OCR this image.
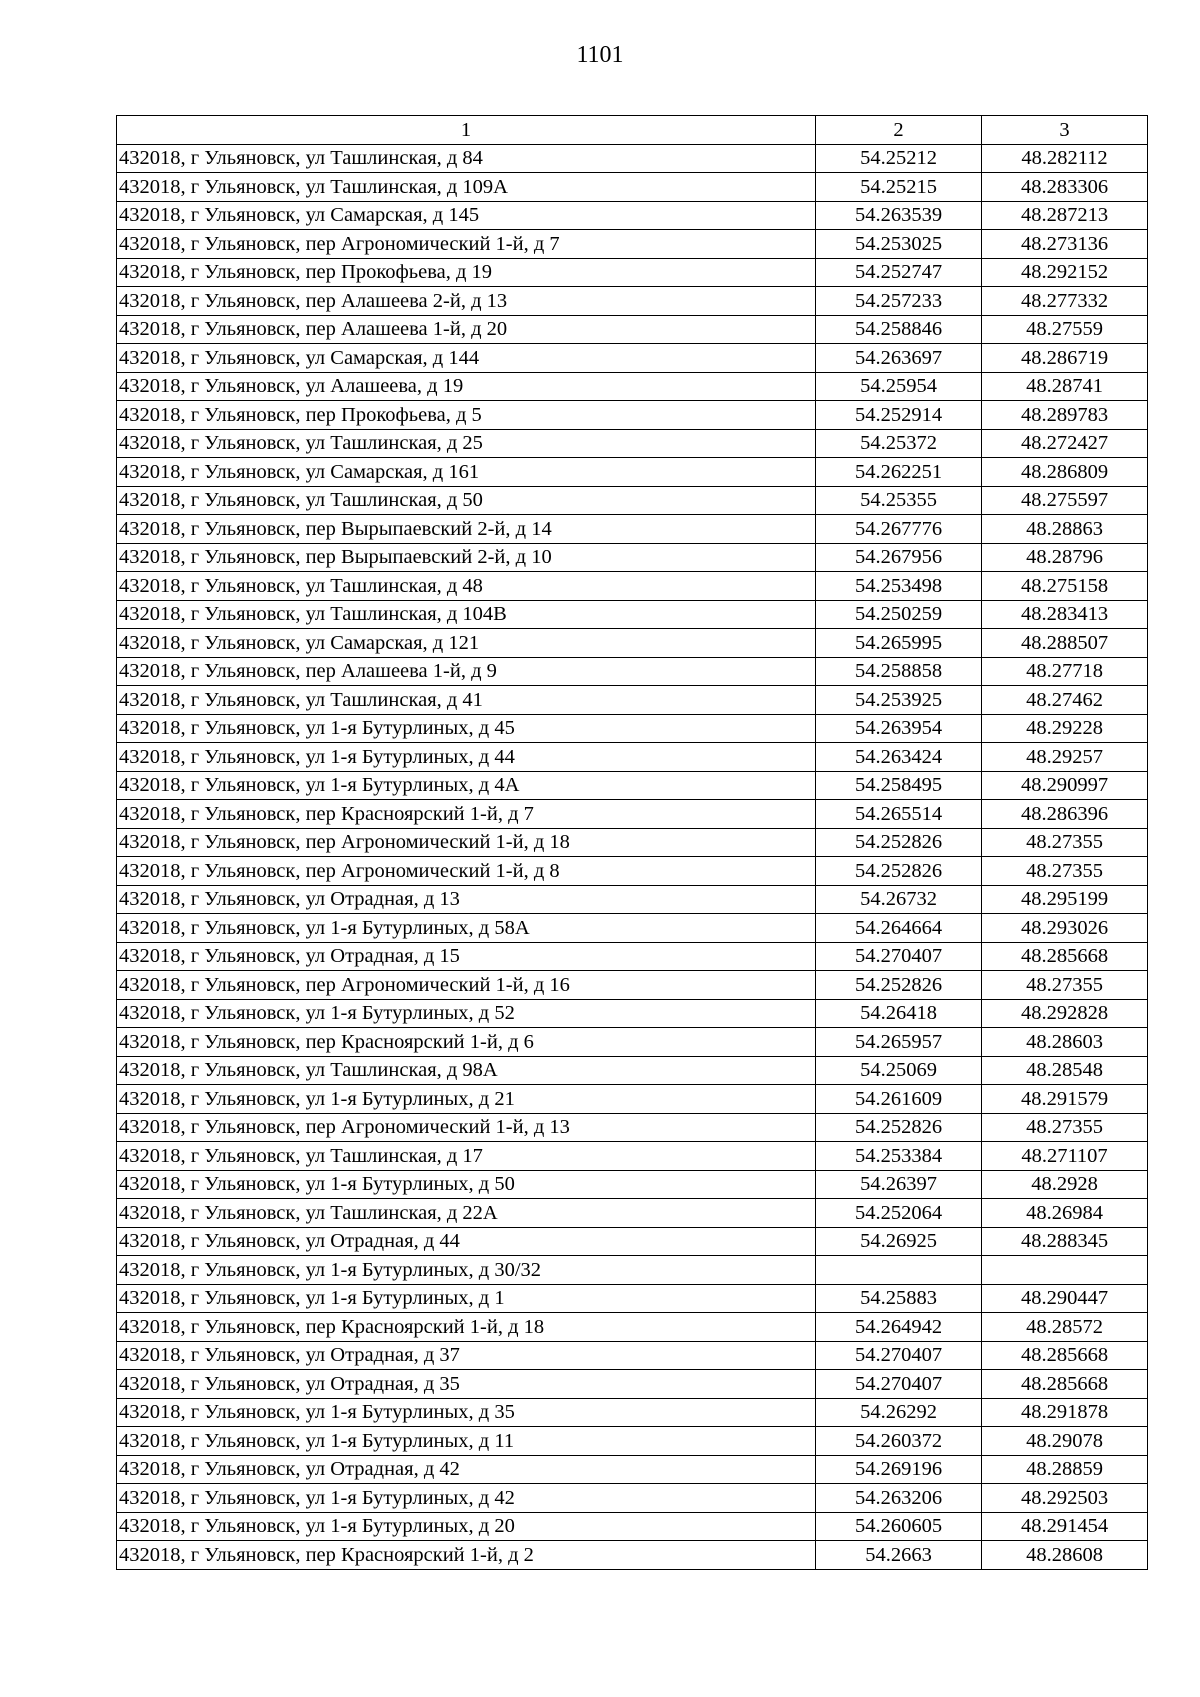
1101
1	2	3
432018, г Ульяновск, ул Ташлинская, д 84	54.25212	48.282112
432018, г Ульяновск, ул Ташлинская, д 109А	54.25215	48.283306
432018, г Ульяновск, ул Самарская, д 145	54.263539	48.287213
432018, г Ульяновск, пер Агрономический 1-й, д 7	54.253025	48.273136
432018, г Ульяновск, пер Прокофьева, д 19	54.252747	48.292152
432018, г Ульяновск, пер Алашеева 2-й, д 13	54.257233	48.277332
432018, г Ульяновск, пер Алашеева 1-й, д 20	54.258846	48.27559
432018, г Ульяновск, ул Самарская, д 144	54.263697	48.286719
432018, г Ульяновск, ул Алашеева, д 19	54.25954	48.28741
432018, г Ульяновск, пер Прокофьева, д 5	54.252914	48.289783
432018, г Ульяновск, ул Ташлинская, д 25	54.25372	48.272427
432018, г Ульяновск, ул Самарская, д 161	54.262251	48.286809
432018, г Ульяновск, ул Ташлинская, д 50	54.25355	48.275597
432018, г Ульяновск, пер Вырыпаевский 2-й, д 14	54.267776	48.28863
432018, г Ульяновск, пер Вырыпаевский 2-й, д 10	54.267956	48.28796
432018, г Ульяновск, ул Ташлинская, д 48	54.253498	48.275158
432018, г Ульяновск, ул Ташлинская, д 104В	54.250259	48.283413
432018, г Ульяновск, ул Самарская, д 121	54.265995	48.288507
432018, г Ульяновск, пер Алашеева 1-й, д 9	54.258858	48.27718
432018, г Ульяновск, ул Ташлинская, д 41	54.253925	48.27462
432018, г Ульяновск, ул 1-я Бутурлиных, д 45	54.263954	48.29228
432018, г Ульяновск, ул 1-я Бутурлиных, д 44	54.263424	48.29257
432018, г Ульяновск, ул 1-я Бутурлиных, д 4А	54.258495	48.290997
432018, г Ульяновск, пер Красноярский 1-й, д 7	54.265514	48.286396
432018, г Ульяновск, пер Агрономический 1-й, д 18	54.252826	48.27355
432018, г Ульяновск, пер Агрономический 1-й, д 8	54.252826	48.27355
432018, г Ульяновск, ул Отрадная, д 13	54.26732	48.295199
432018, г Ульяновск, ул 1-я Бутурлиных, д 58А	54.264664	48.293026
432018, г Ульяновск, ул Отрадная, д 15	54.270407	48.285668
432018, г Ульяновск, пер Агрономический 1-й, д 16	54.252826	48.27355
432018, г Ульяновск, ул 1-я Бутурлиных, д 52	54.26418	48.292828
432018, г Ульяновск, пер Красноярский 1-й, д 6	54.265957	48.28603
432018, г Ульяновск, ул Ташлинская, д 98А	54.25069	48.28548
432018, г Ульяновск, ул 1-я Бутурлиных, д 21	54.261609	48.291579
432018, г Ульяновск, пер Агрономический 1-й, д 13	54.252826	48.27355
432018, г Ульяновск, ул Ташлинская, д 17	54.253384	48.271107
432018, г Ульяновск, ул 1-я Бутурлиных, д 50	54.26397	48.2928
432018, г Ульяновск, ул Ташлинская, д 22А	54.252064	48.26984
432018, г Ульяновск, ул Отрадная, д 44	54.26925	48.288345
432018, г Ульяновск, ул 1-я Бутурлиных, д 30/32		
432018, г Ульяновск, ул 1-я Бутурлиных, д 1	54.25883	48.290447
432018, г Ульяновск, пер Красноярский 1-й, д 18	54.264942	48.28572
432018, г Ульяновск, ул Отрадная, д 37	54.270407	48.285668
432018, г Ульяновск, ул Отрадная, д 35	54.270407	48.285668
432018, г Ульяновск, ул 1-я Бутурлиных, д 35	54.26292	48.291878
432018, г Ульяновск, ул 1-я Бутурлиных, д 11	54.260372	48.29078
432018, г Ульяновск, ул Отрадная, д 42	54.269196	48.28859
432018, г Ульяновск, ул 1-я Бутурлиных, д 42	54.263206	48.292503
432018, г Ульяновск, ул 1-я Бутурлиных, д 20	54.260605	48.291454
432018, г Ульяновск, пер Красноярский 1-й, д 2	54.2663	48.28608
